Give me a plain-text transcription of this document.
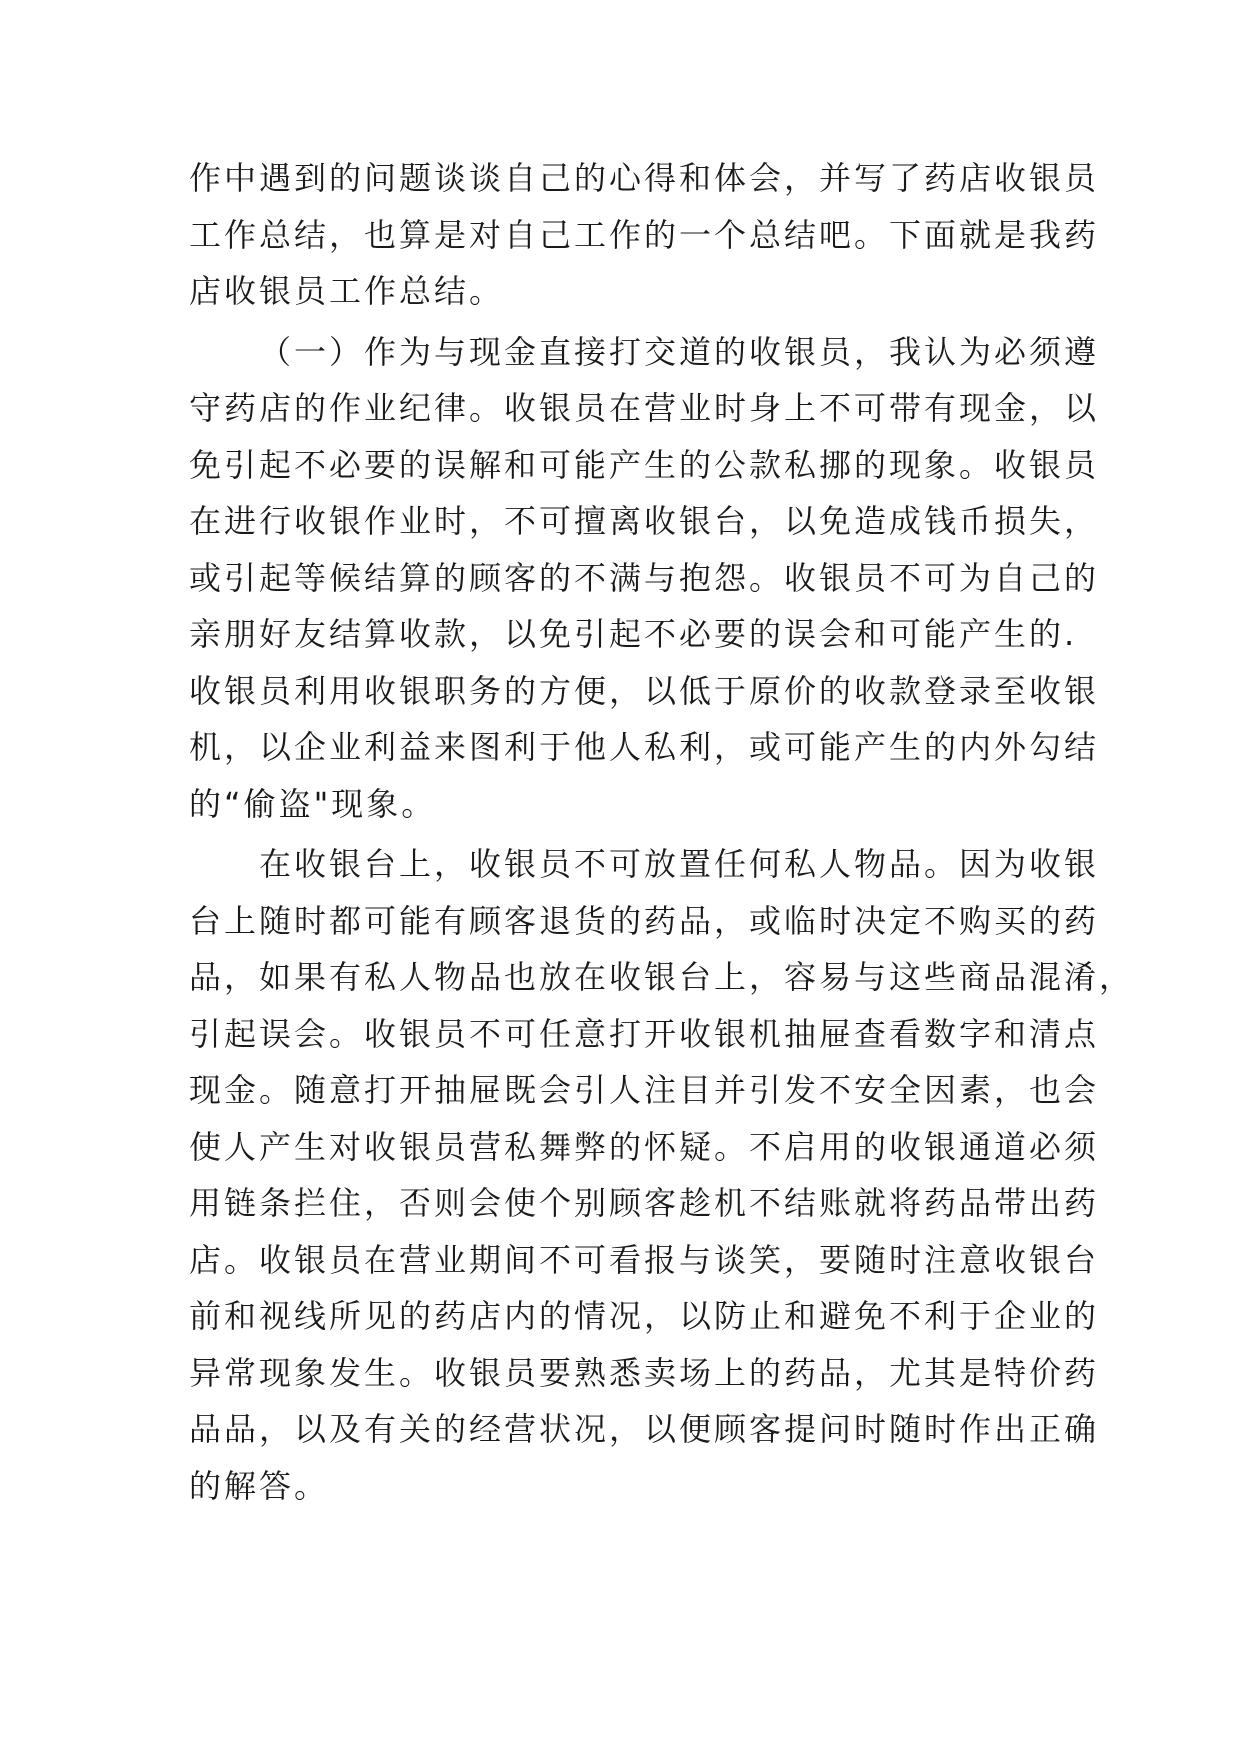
作中遇到的问题谈谈自己的心得和体会，并写了药店收银员
工作总结，也算是对自己工作的一个总结吧。下面就是我药
店收银员工作总结。
（一）作为与现金直接打交道的收银员，我认为必须遵
守药店的作业纪律。收银员在营业时身上不可带有现金，以
免引起不必要的误解和可能产生的公款私挪的现象。收银员
在进行收银作业时，不可擅离收银台，以免造成钱币损失，
或引起等候结算的顾客的不满与抱怨。收银员不可为自己的
亲朋好友结算收款，以免引起不必要的误会和可能产生的.
收银员利用收银职务的方便，以低于原价的收款登录至收银
机，以企业利益来图利于他人私利，或可能产生的内外勾结
的“偷盗"现象。
在收银台上，收银员不可放置任何私人物品。因为收银
台上随时都可能有顾客退货的药品，或临时决定不购买的药
品，如果有私人物品也放在收银台上，容易与这些商品混淆，
引起误会。收银员不可任意打开收银机抽屉查看数字和清点
现金。随意打开抽屉既会引人注目并引发不安全因素，也会
使人产生对收银员营私舞弊的怀疑。不启用的收银通道必须
用链条拦住，否则会使个别顾客趁机不结账就将药品带出药
店。收银员在营业期间不可看报与谈笑，要随时注意收银台
前和视线所见的药店内的情况，以防止和避免不利于企业的
异常现象发生。收银员要熟悉卖场上的药品，尤其是特价药
品品，以及有关的经营状况，以便顾客提问时随时作出正确
的解答。
